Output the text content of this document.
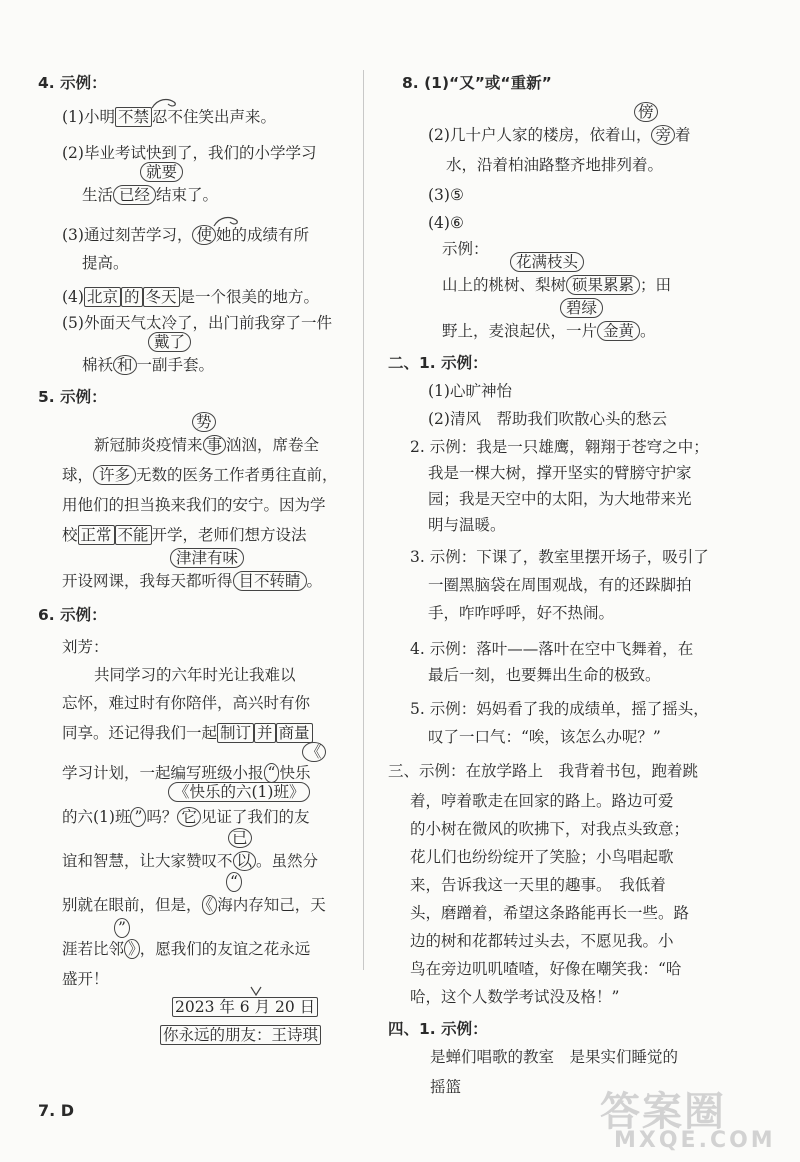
4. 示例：
(1)小明 不禁 忍不住笑出声来。
(2)毕业考试快到了，我们的小学学习
就要
生活 已经 结束了。
(3)通过刻苦学习， 使 她的成绩有所
提高。
(4) 北京 的 冬天 是一个很美的地方。
(5)外面天气太冷了，出门前我穿了一件
戴了
棉袄 和 一副手套。
5. 示例：
势
新冠肺炎疫情来 事 汹汹，席卷全
球， 许多 无数的医务工作者勇往直前，
用他们的担当换来我们的安宁。因为学
校 正常 不能 开学，老师们想方设法
津津有味
开设网课，我每天都听得 目不转睛 。
6. 示例：
刘芳：
共同学习的六年时光让我难以
忘怀，难过时有你陪伴，高兴时有你
同享。还记得我们一起 制订 并 商量
《
学习计划，一起编写班级小报 “ 快乐
《快乐的六(1)班》
的六(1)班 ” 吗？ 它 见证了我们的友
已
谊和智慧，让大家赞叹不 以 。虽然分
“
别就在眼前，但是， 《 海内存知己，天
”
涯若比邻 》 ，愿我们的友谊之花永远
盛开！
2023 年 6 月 20 日
你永远的朋友：王诗琪
7. D
8. (1)“又”或“重新”
傍
(2)几十户人家的楼房，依着山， 旁 着
水，沿着柏油路整齐地排列着。
(3)⑤
(4)⑥
示例：
花满枝头
山上的桃树、梨树 硕果累累 ；田
碧绿
野上，麦浪起伏，一片 金黄 。
二、1. 示例：
(1)心旷神怡
(2)清风　帮助我们吹散心头的愁云
2. 示例：我是一只雄鹰，翱翔于苍穹之中；
我是一棵大树，撑开坚实的臂膀守护家
园；我是天空中的太阳，为大地带来光
明与温暖。
3. 示例：下课了，教室里摆开场子，吸引了
一圈黑脑袋在周围观战，有的还跺脚拍
手，咋咋呼呼，好不热闹。
4. 示例：落叶——落叶在空中飞舞着，在
最后一刻，也要舞出生命的极致。
5. 示例：妈妈看了我的成绩单，摇了摇头，
叹了一口气：“唉，该怎么办呢？”
三、示例：在放学路上　我背着书包，跑着跳
着，哼着歌走在回家的路上。路边可爱
的小树在微风的吹拂下，对我点头致意；
花儿们也纷纷绽开了笑脸；小鸟唱起歌
来，告诉我这一天里的趣事。　我低着
头，磨蹭着，希望这条路能再长一些。路
边的树和花都转过头去，不愿见我。小
鸟在旁边叽叽喳喳，好像在嘲笑我：“哈
哈，这个人数学考试没及格！”
四、1. 示例：
是蝉们唱歌的教室　是果实们睡觉的
摇篮
答案圈
MXQE.COM
